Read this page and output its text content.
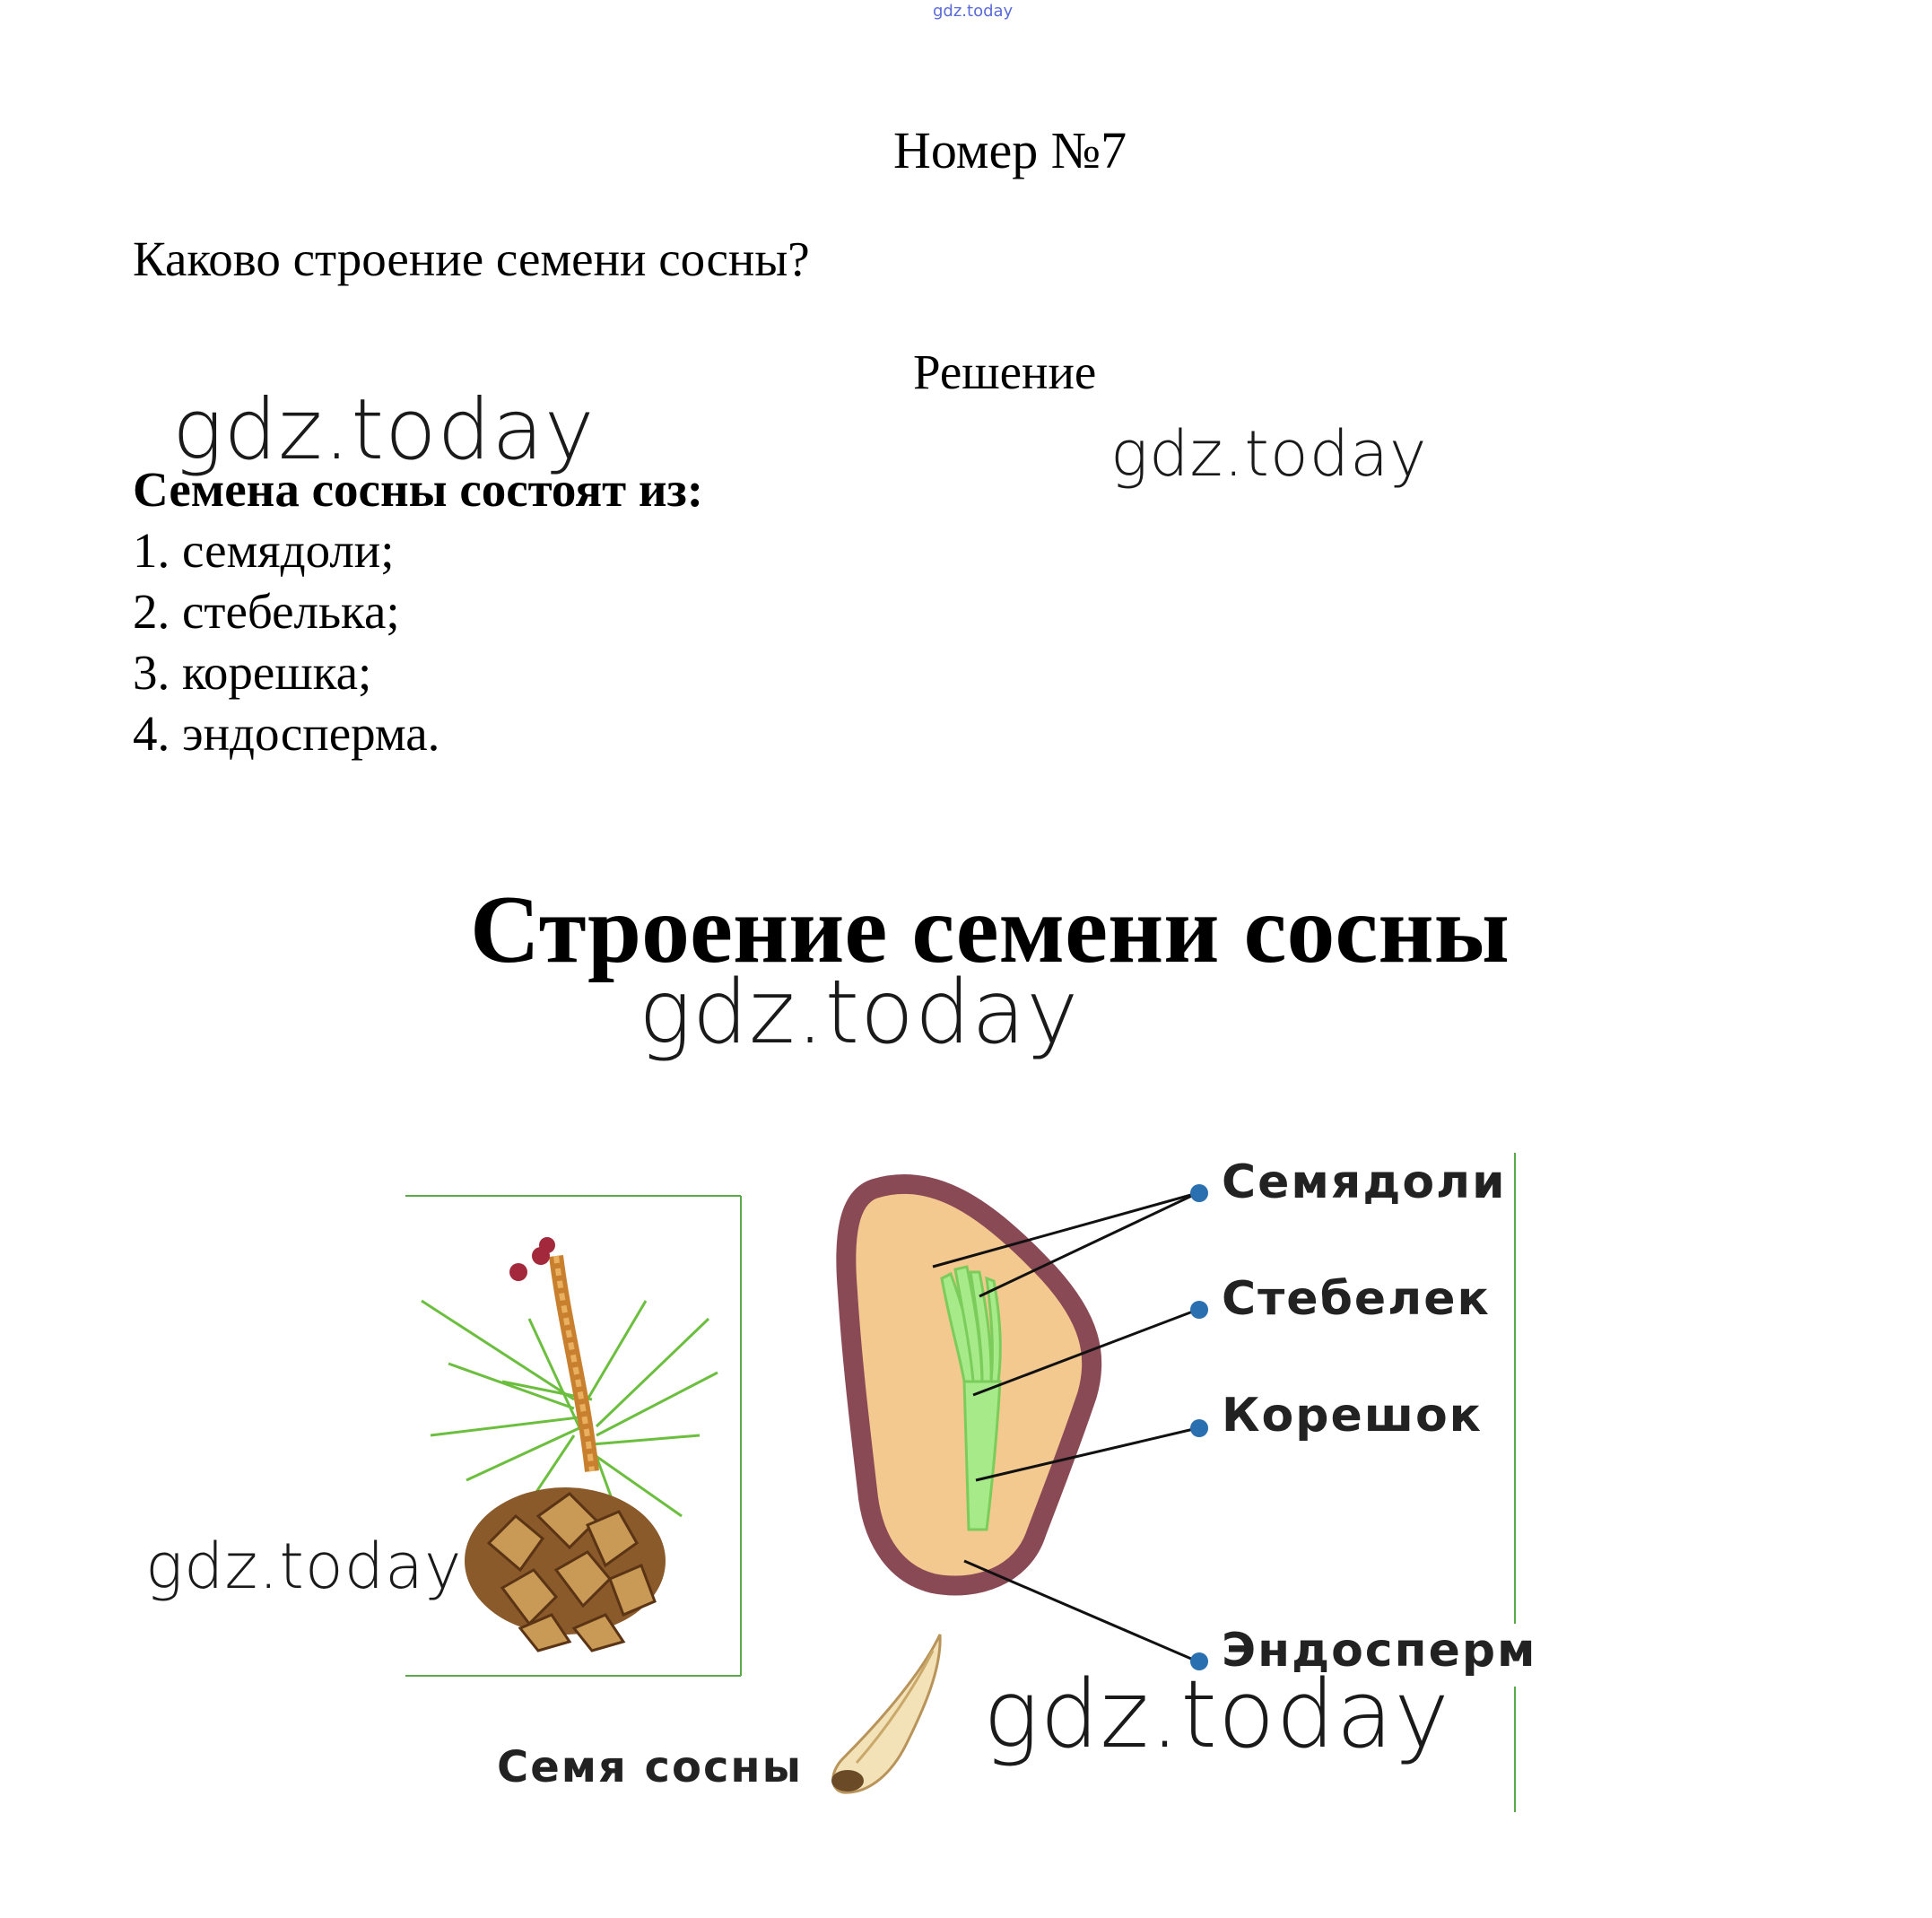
gdz.today
Номер №7
Каково строение семени сосны?
Решение
Семена сосны состоят из:
1. семядоли;
2. стебелька;
3. корешка;
4. эндосперма.
Строение семени сосны
Семядоли
Стебелек
Корешок
Эндосперм
Семя сосны
gdz.today	gdz.today
gdz.today
gdz.today
gdz.today
